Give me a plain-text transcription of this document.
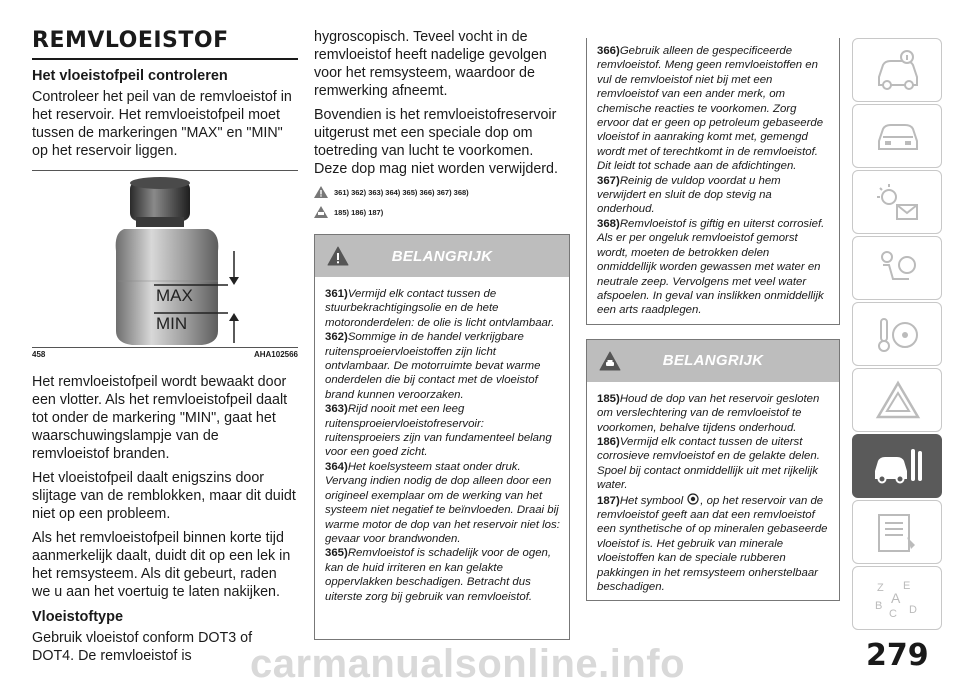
REMVLOEISTOF
Het vloeistofpeil controleren

Controleer het peil van de remvloeistof in het reservoir. Het remvloeistofpeil moet tussen de markeringen "MAX" en "MIN" op het reservoir liggen.

MAX
MIN
458	AHA102566

Het remvloeistofpeil wordt bewaakt door een vlotter. Als het remvloeistofpeil daalt tot onder de markering "MIN", gaat het waarschuwingslampje van de remvloeistof branden.

Het vloeistofpeil daalt enigszins door slijtage van de remblokken, maar dit duidt niet op een probleem.

Als het remvloeistofpeil binnen korte tijd aanmerkelijk daalt, duidt dit op een lek in het remsysteem. Als dit gebeurt, raden we u aan het voertuig te laten nakijken.

Vloeistoftype

Gebruik vloeistof conform DOT3 of DOT4. De remvloeistof is

hygroscopisch. Teveel vocht in de remvloeistof heeft nadelige gevolgen voor het remsysteem, waardoor de remwerking afneemt.

Bovendien is het remvloeistofreservoir uitgerust met een speciale dop om toetreding van lucht te voorkomen. Deze dop mag niet worden verwijderd.

361) 362) 363) 364) 365) 366) 367) 368)
185) 186) 187)
BELANGRIJK
361)Vermijd elk contact tussen de stuurbekrachtigingsolie en de hete motoronderdelen: de olie is licht ontvlambaar.
362)Sommige in de handel verkrijgbare ruitensproeiervloeistoffen zijn licht ontvlambaar. De motorruimte bevat warme onderdelen die bij contact met de vloeistof brand kunnen veroorzaken.
363)Rijd nooit met een leeg ruitensproeiervloeistofreservoir: ruitensproeiers zijn van fundamenteel belang voor een goed zicht.
364)Het koelsysteem staat onder druk. Vervang indien nodig de dop alleen door een origineel exemplaar om de werking van het systeem niet negatief te beïnvloeden. Draai bij warme motor de dop van het reservoir niet los: gevaar voor brandwonden.
365)Remvloeistof is schadelijk voor de ogen, kan de huid irriteren en kan gelakte oppervlakken beschadigen. Betracht dus uiterste zorg bij gebruik van remvloeistof.
366)Gebruik alleen de gespecificeerde remvloeistof. Meng geen remvloeistoffen en vul de remvloeistof niet bij met een remvloeistof van een ander merk, om chemische reacties te voorkomen. Zorg ervoor dat er geen op petroleum gebaseerde vloeistof in aanraking komt met, gemengd wordt met of terechtkomt in de remvloeistof. Dit leidt tot schade aan de afdichtingen.
367)Reinig de vuldop voordat u hem verwijdert en sluit de dop stevig na onderhoud.
368)Remvloeistof is giftig en uiterst corrosief. Als er per ongeluk remvloeistof gemorst wordt, moeten de betrokken delen onmiddellijk worden gewassen met water en neutrale zeep. Vervolgens met veel water afspoelen. In geval van inslikken onmiddellijk een arts raadplegen.
BELANGRIJK
185)Houd de dop van het reservoir gesloten om verslechtering van de remvloeistof te voorkomen, behalve tijdens onderhoud.
186)Vermijd elk contact tussen de uiterst corrosieve remvloeistof en de gelakte delen. Spoel bij contact onmiddellijk uit met rijkelijk water.
187)Het symbool , op het reservoir van de remvloeistof geeft aan dat een remvloeistof een synthetische of op mineralen gebaseerde vloeistof is. Het gebruik van minerale vloeistoffen kan de speciale rubberen pakkingen in het remsysteem onherstelbaar beschadigen.	Z E
B
C D
A
carmanualsonline.info	279
